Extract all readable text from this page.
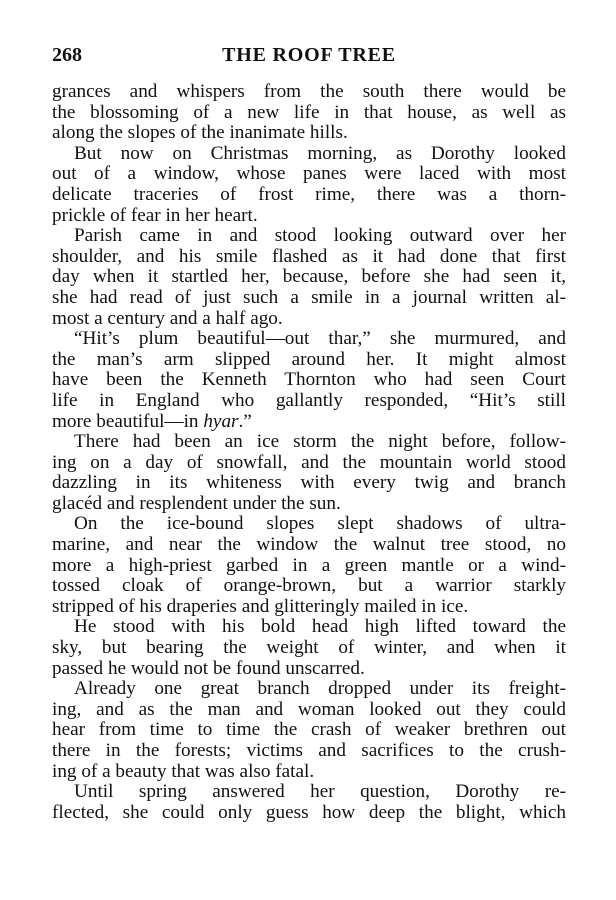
268	THE ROOF TREE
grances and whispers from the south there would be
the blossoming of a new life in that house, as well as
along the slopes of the inanimate hills.
But now on Christmas morning, as Dorothy looked
out of a window, whose panes were laced with most
delicate traceries of frost rime, there was a thorn-
prickle of fear in her heart.
Parish came in and stood looking outward over her
shoulder, and his smile flashed as it had done that first
day when it startled her, because, before she had seen it,
she had read of just such a smile in a journal written al-
most a century and a half ago.
“Hit’s plum beautiful—out thar,” she murmured, and
the man’s arm slipped around her. It might almost
have been the Kenneth Thornton who had seen Court
life in England who gallantly responded, “Hit’s still
more beautiful—in hyar.”
There had been an ice storm the night before, follow-
ing on a day of snowfall, and the mountain world stood
dazzling in its whiteness with every twig and branch
glacéd and resplendent under the sun.
On the ice-bound slopes slept shadows of ultra-
marine, and near the window the walnut tree stood, no
more a high-priest garbed in a green mantle or a wind-
tossed cloak of orange-brown, but a warrior starkly
stripped of his draperies and glitteringly mailed in ice.
He stood with his bold head high lifted toward the
sky, but bearing the weight of winter, and when it
passed he would not be found unscarred.
Already one great branch dropped under its freight-
ing, and as the man and woman looked out they could
hear from time to time the crash of weaker brethren out
there in the forests; victims and sacrifices to the crush-
ing of a beauty that was also fatal.
Until spring answered her question, Dorothy re-
flected, she could only guess how deep the blight, which
